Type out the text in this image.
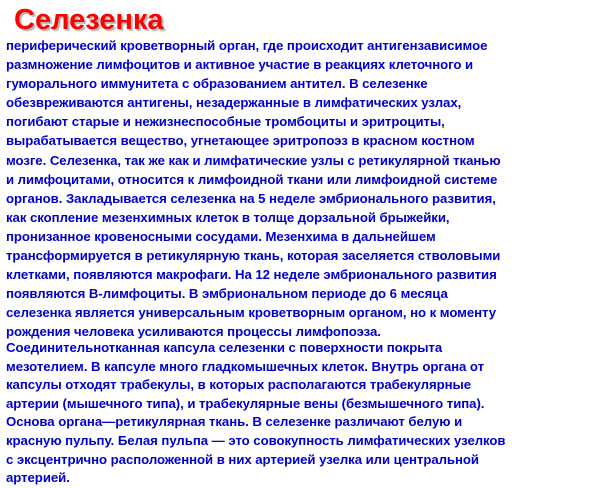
Селезенка
периферический кроветворный орган, где происходит антигензависимое
размножение лимфоцитов и активное участие в реакциях клеточного и
гуморального иммунитета с образованием антител. В селезенке
обезвреживаются антигены, незадержанные в лимфатических узлах,
погибают старые и нежизнеспособные тромбоциты и эритроциты,
вырабатывается вещество, угнетающее эритропоэз в красном костном
мозге. Селезенка, так же как и лимфатические узлы с ретикулярной тканью
и лимфоцитами, относится к лимфоидной ткани или лимфоидной системе
органов. Закладывается селезенка на 5 неделе эмбрионального развития,
как скопление мезенхимных клеток в толще дорзальной брыжейки,
пронизанное кровеносными сосудами. Мезенхима в дальнейшем
трансформируется в ретикулярную ткань, которая заселяется стволовыми
клетками, появляются макрофаги. На 12 неделе эмбрионального развития
появляются В-лимфоциты. В эмбриональном периоде до 6 месяца
селезенка является универсальным кроветворным органом, но к моменту
рождения человека усиливаются процессы лимфопоэза.
Соединительнотканная капсула селезенки с поверхности покрыта
мезотелием. В капсуле много гладкомышечных клеток. Внутрь органа от
капсулы отходят трабекулы, в которых располагаются трабекулярные
артерии (мышечного типа), и трабекулярные вены (безмышечного типа).
Основа органа—ретикулярная ткань. В селезенке различают белую и
красную пульпу. Белая пульпа — это совокупность лимфатических узелков
с эксцентрично расположенной в них артерией узелка или центральной
артерией.
